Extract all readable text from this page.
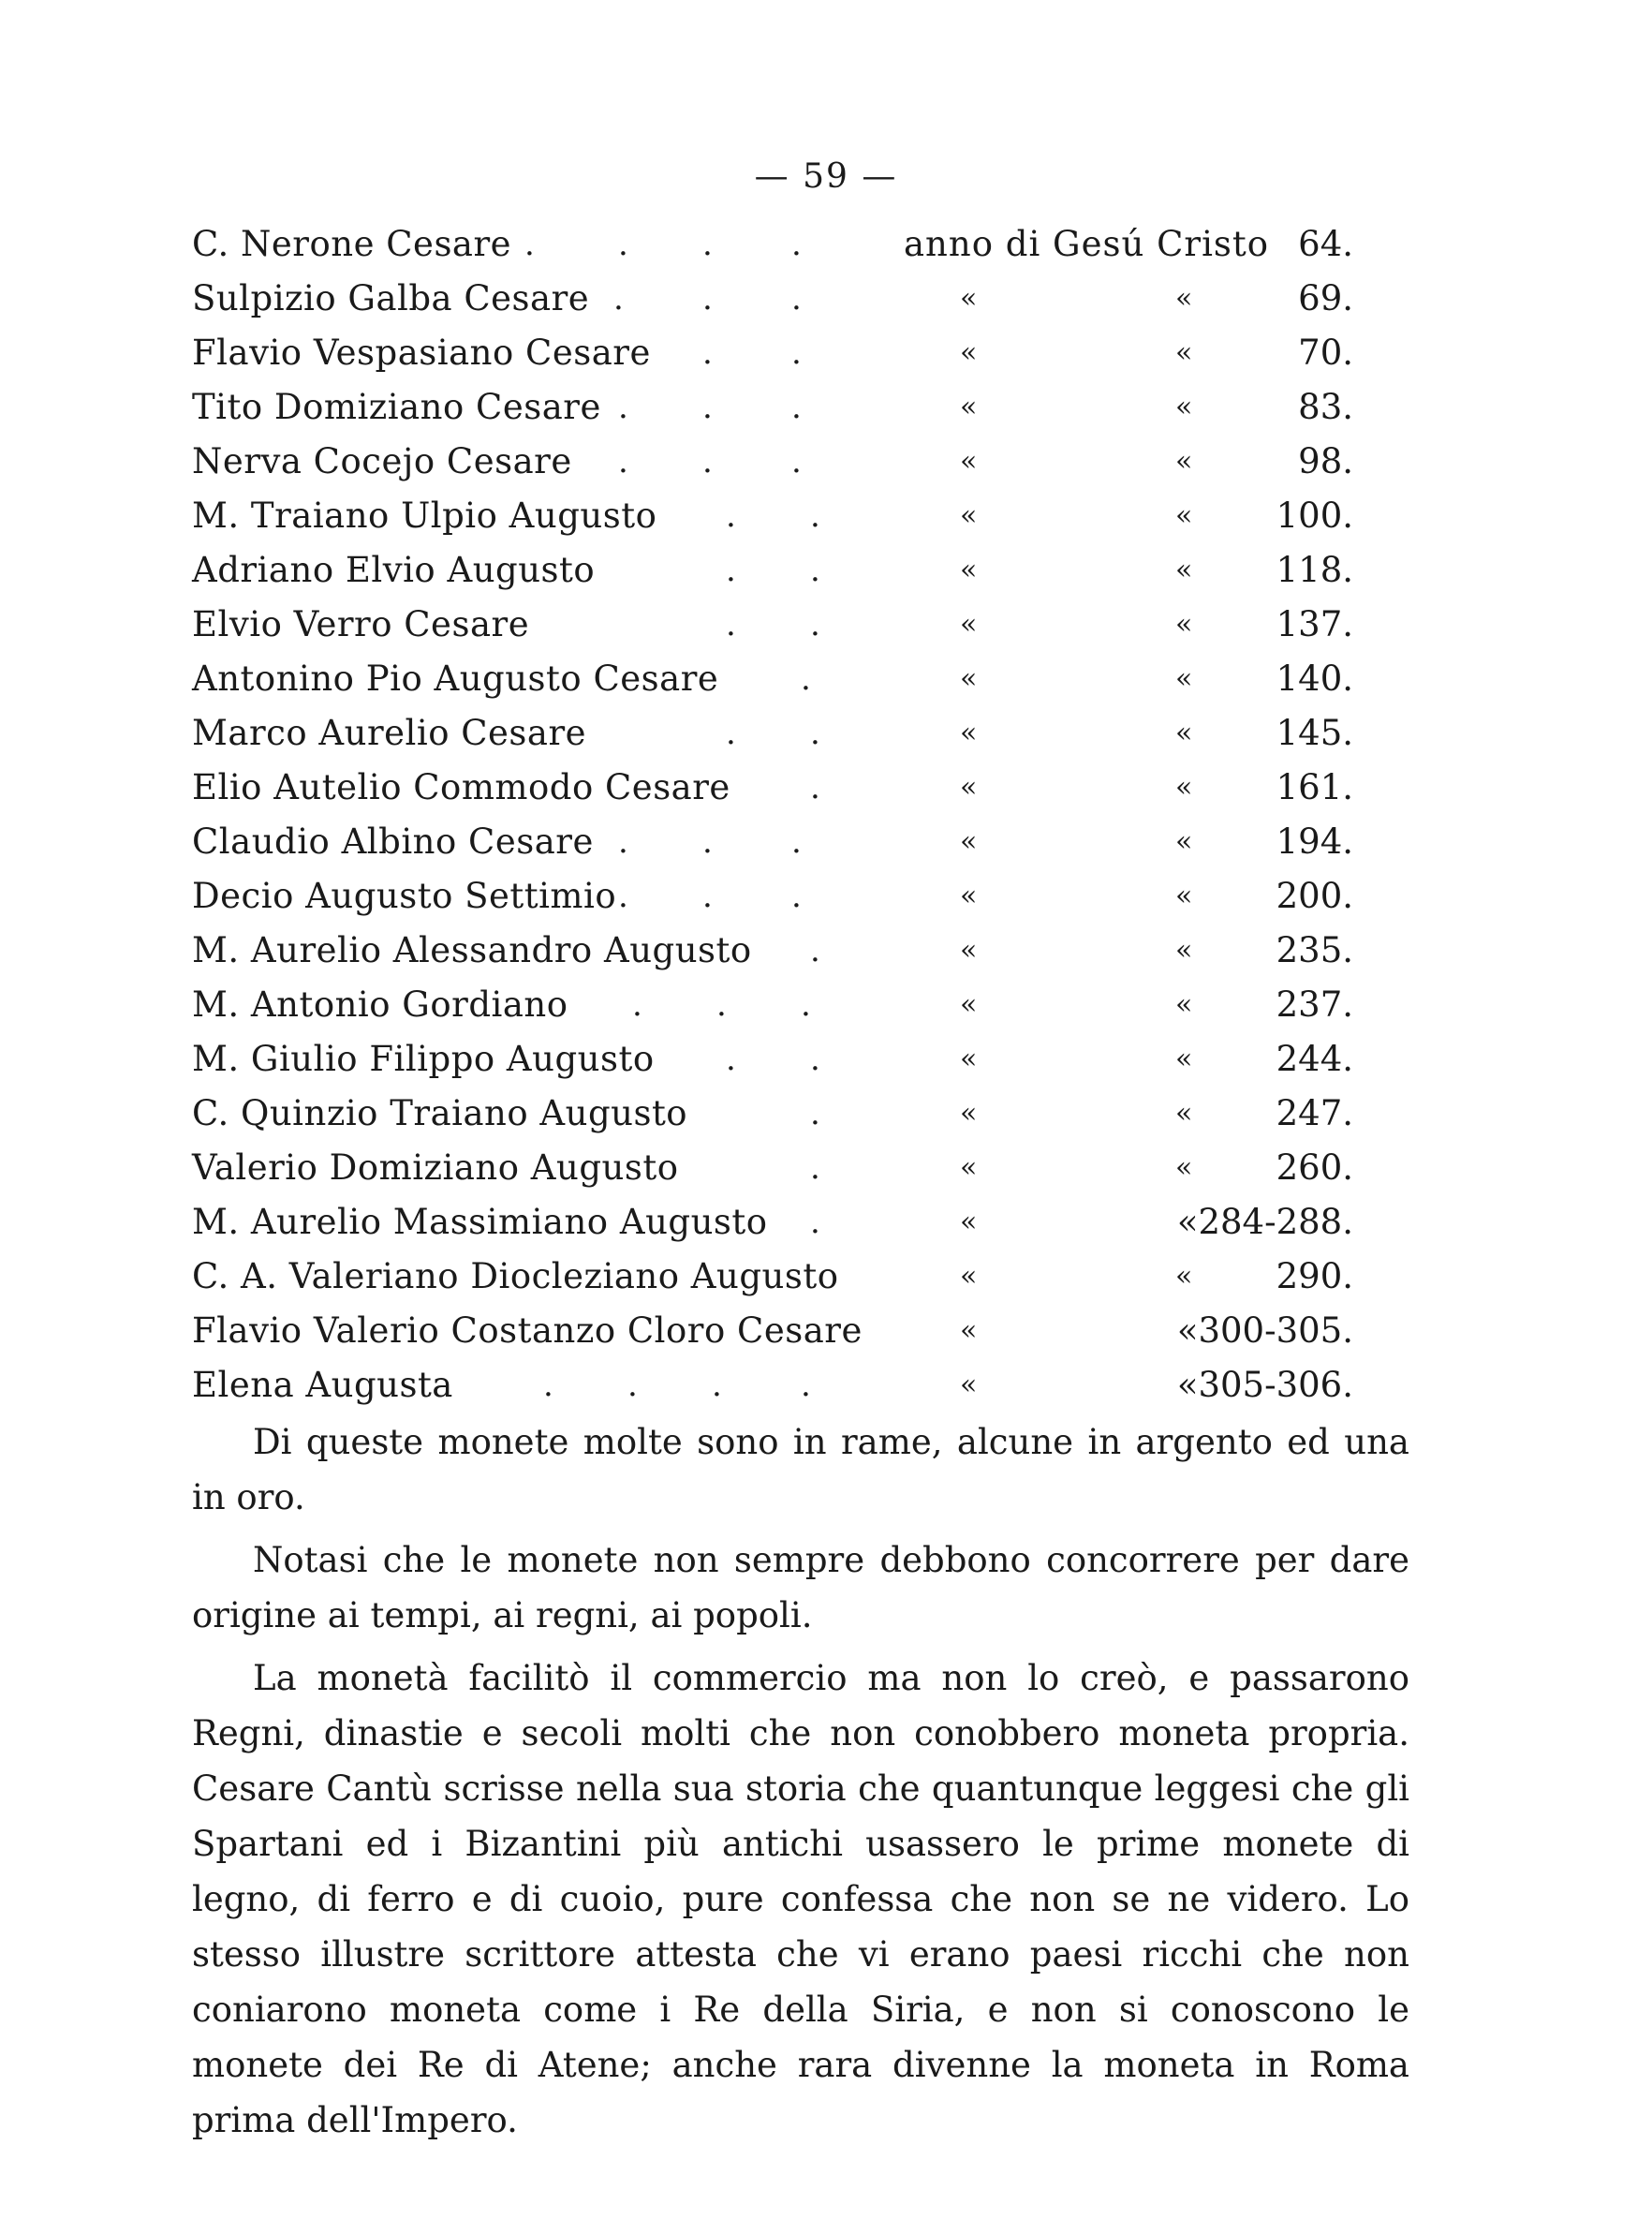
— 59 —
C. Nerone Cesare .	. . .	anno di Gesú Cristo 64.
Sulpizio Galba Cesare . . .	«	«	69.
Flavio Vespasiano Cesare . .	«	«	70.
Tito Domiziano Cesare . . .	«	«	83.
Nerva Cocejo Cesare . . .	«	«	98.
M. Traiano Ulpio Augusto . .	«	« 100.
Adriano Elvio Augusto	. .	«	« 118.
Elvio Verro Cesare	. .	«	« 137.
Antonino Pio Augusto Cesare	.	«	« 140.
Marco Aurelio Cesare	. .	«	« 145.
Elio Autelio Commodo Cesare	.	«	« 161.
Claudio Albino Cesare . . .	«	« 194.
Decio Augusto Settimio . . .	«	« 200.
M. Aurelio Alessandro Augusto .	«	« 235.
M. Antonio Gordiano . . .	«	« 237.
M. Giulio Filippo Augusto . .	«	« 244.
C. Quinzio Traiano Augusto	.	«	« 247.
Valerio Domiziano Augusto	.	«	« 260.
M. Aurelio Massimiano Augusto .	«	«284-288.
C. A. Valeriano Diocleziano Augusto	«	« 290.
Flavio Valerio Costanzo Cloro Cesare	«	«300-305.
Elena Augusta	. . . .	«	«305-306.

Di queste monete molte sono in rame, alcune in argento ed una in oro.

Notasi che le monete non sempre debbono concorrere per dare origine ai tempi, ai regni, ai popoli.

La monetà facilitò il commercio ma non lo creò, e passarono Regni, dinastie e secoli molti che non conobbero moneta propria. Cesare Cantù scrisse nella sua storia che quantunque leggesi che gli Spartani ed i Bizantini più antichi usassero le prime monete di legno, di ferro e di cuoio, pure confessa che non se ne videro. Lo stesso illustre scrittore attesta che vi erano paesi ricchi che non coniarono moneta come i Re della Siria, e non si conoscono le monete dei Re di Atene; anche rara divenne la moneta in Roma prima dell'Impero.
